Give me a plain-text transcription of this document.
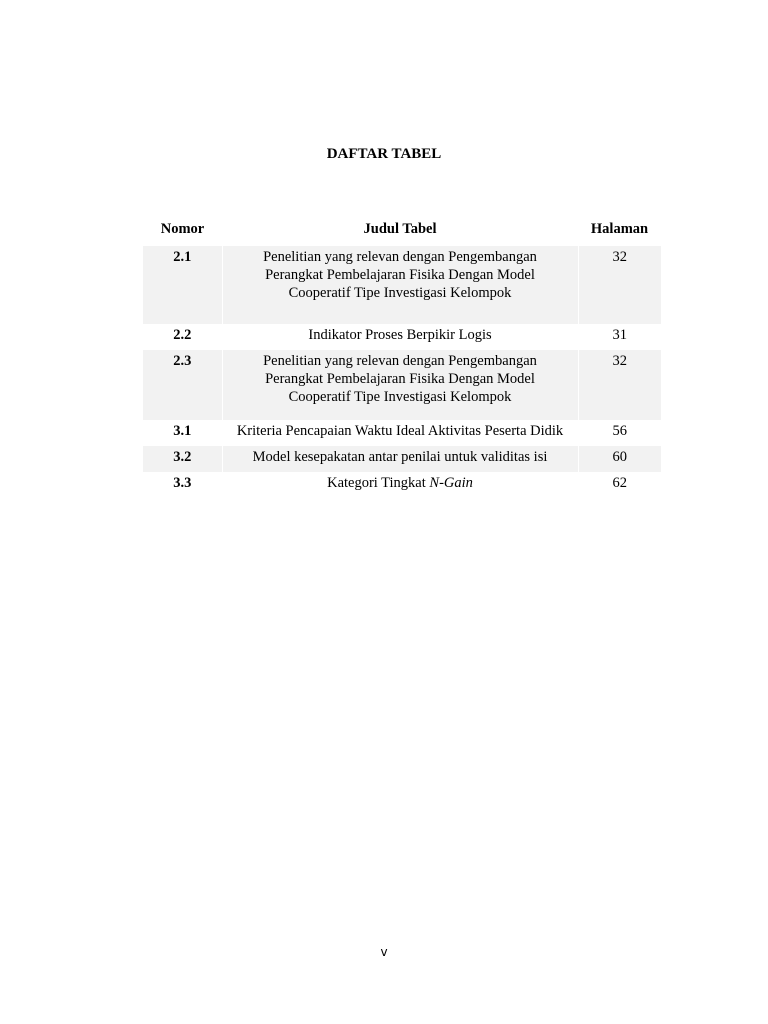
DAFTAR TABEL
Nomor	Judul Tabel	Halaman

2.1	Penelitian yang relevan dengan Pengembangan
Perangkat Pembelajaran Fisika Dengan Model
Cooperatif Tipe Investigasi Kelompok	32

2.2	Indikator Proses Berpikir Logis	31

2.3	Penelitian yang relevan dengan Pengembangan
Perangkat Pembelajaran Fisika Dengan Model
Cooperatif Tipe Investigasi Kelompok	32

3.1	Kriteria Pencapaian Waktu Ideal Aktivitas Peserta Didik	56

3.2	Model kesepakatan antar penilai untuk validitas isi	60

3.3	Kategori Tingkat N-Gain	62
v
